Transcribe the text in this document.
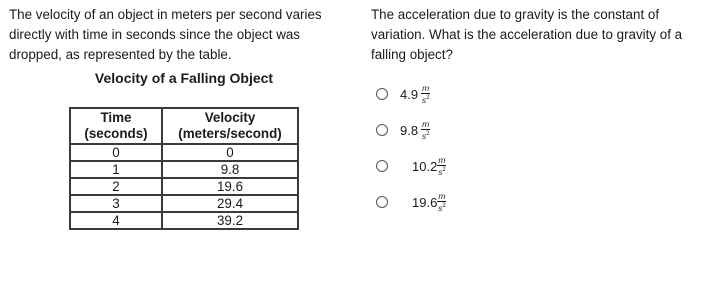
The velocity of an object in meters per second varies directly with time in seconds since the object was dropped, as represented by the table.

Velocity of a Falling Object

Time (seconds)	Velocity (meters/second)
0	0
1	9.8
2	19.6
3	29.4
4	39.2

The acceleration due to gravity is the constant of variation. What is the acceleration due to gravity of a falling object?

$4.9 \frac{m}{s^2}$
$9.8 \frac{m}{s^2}$
$10.2 \frac{m}{s^2}$
$19.6 \frac{m}{s^2}$
